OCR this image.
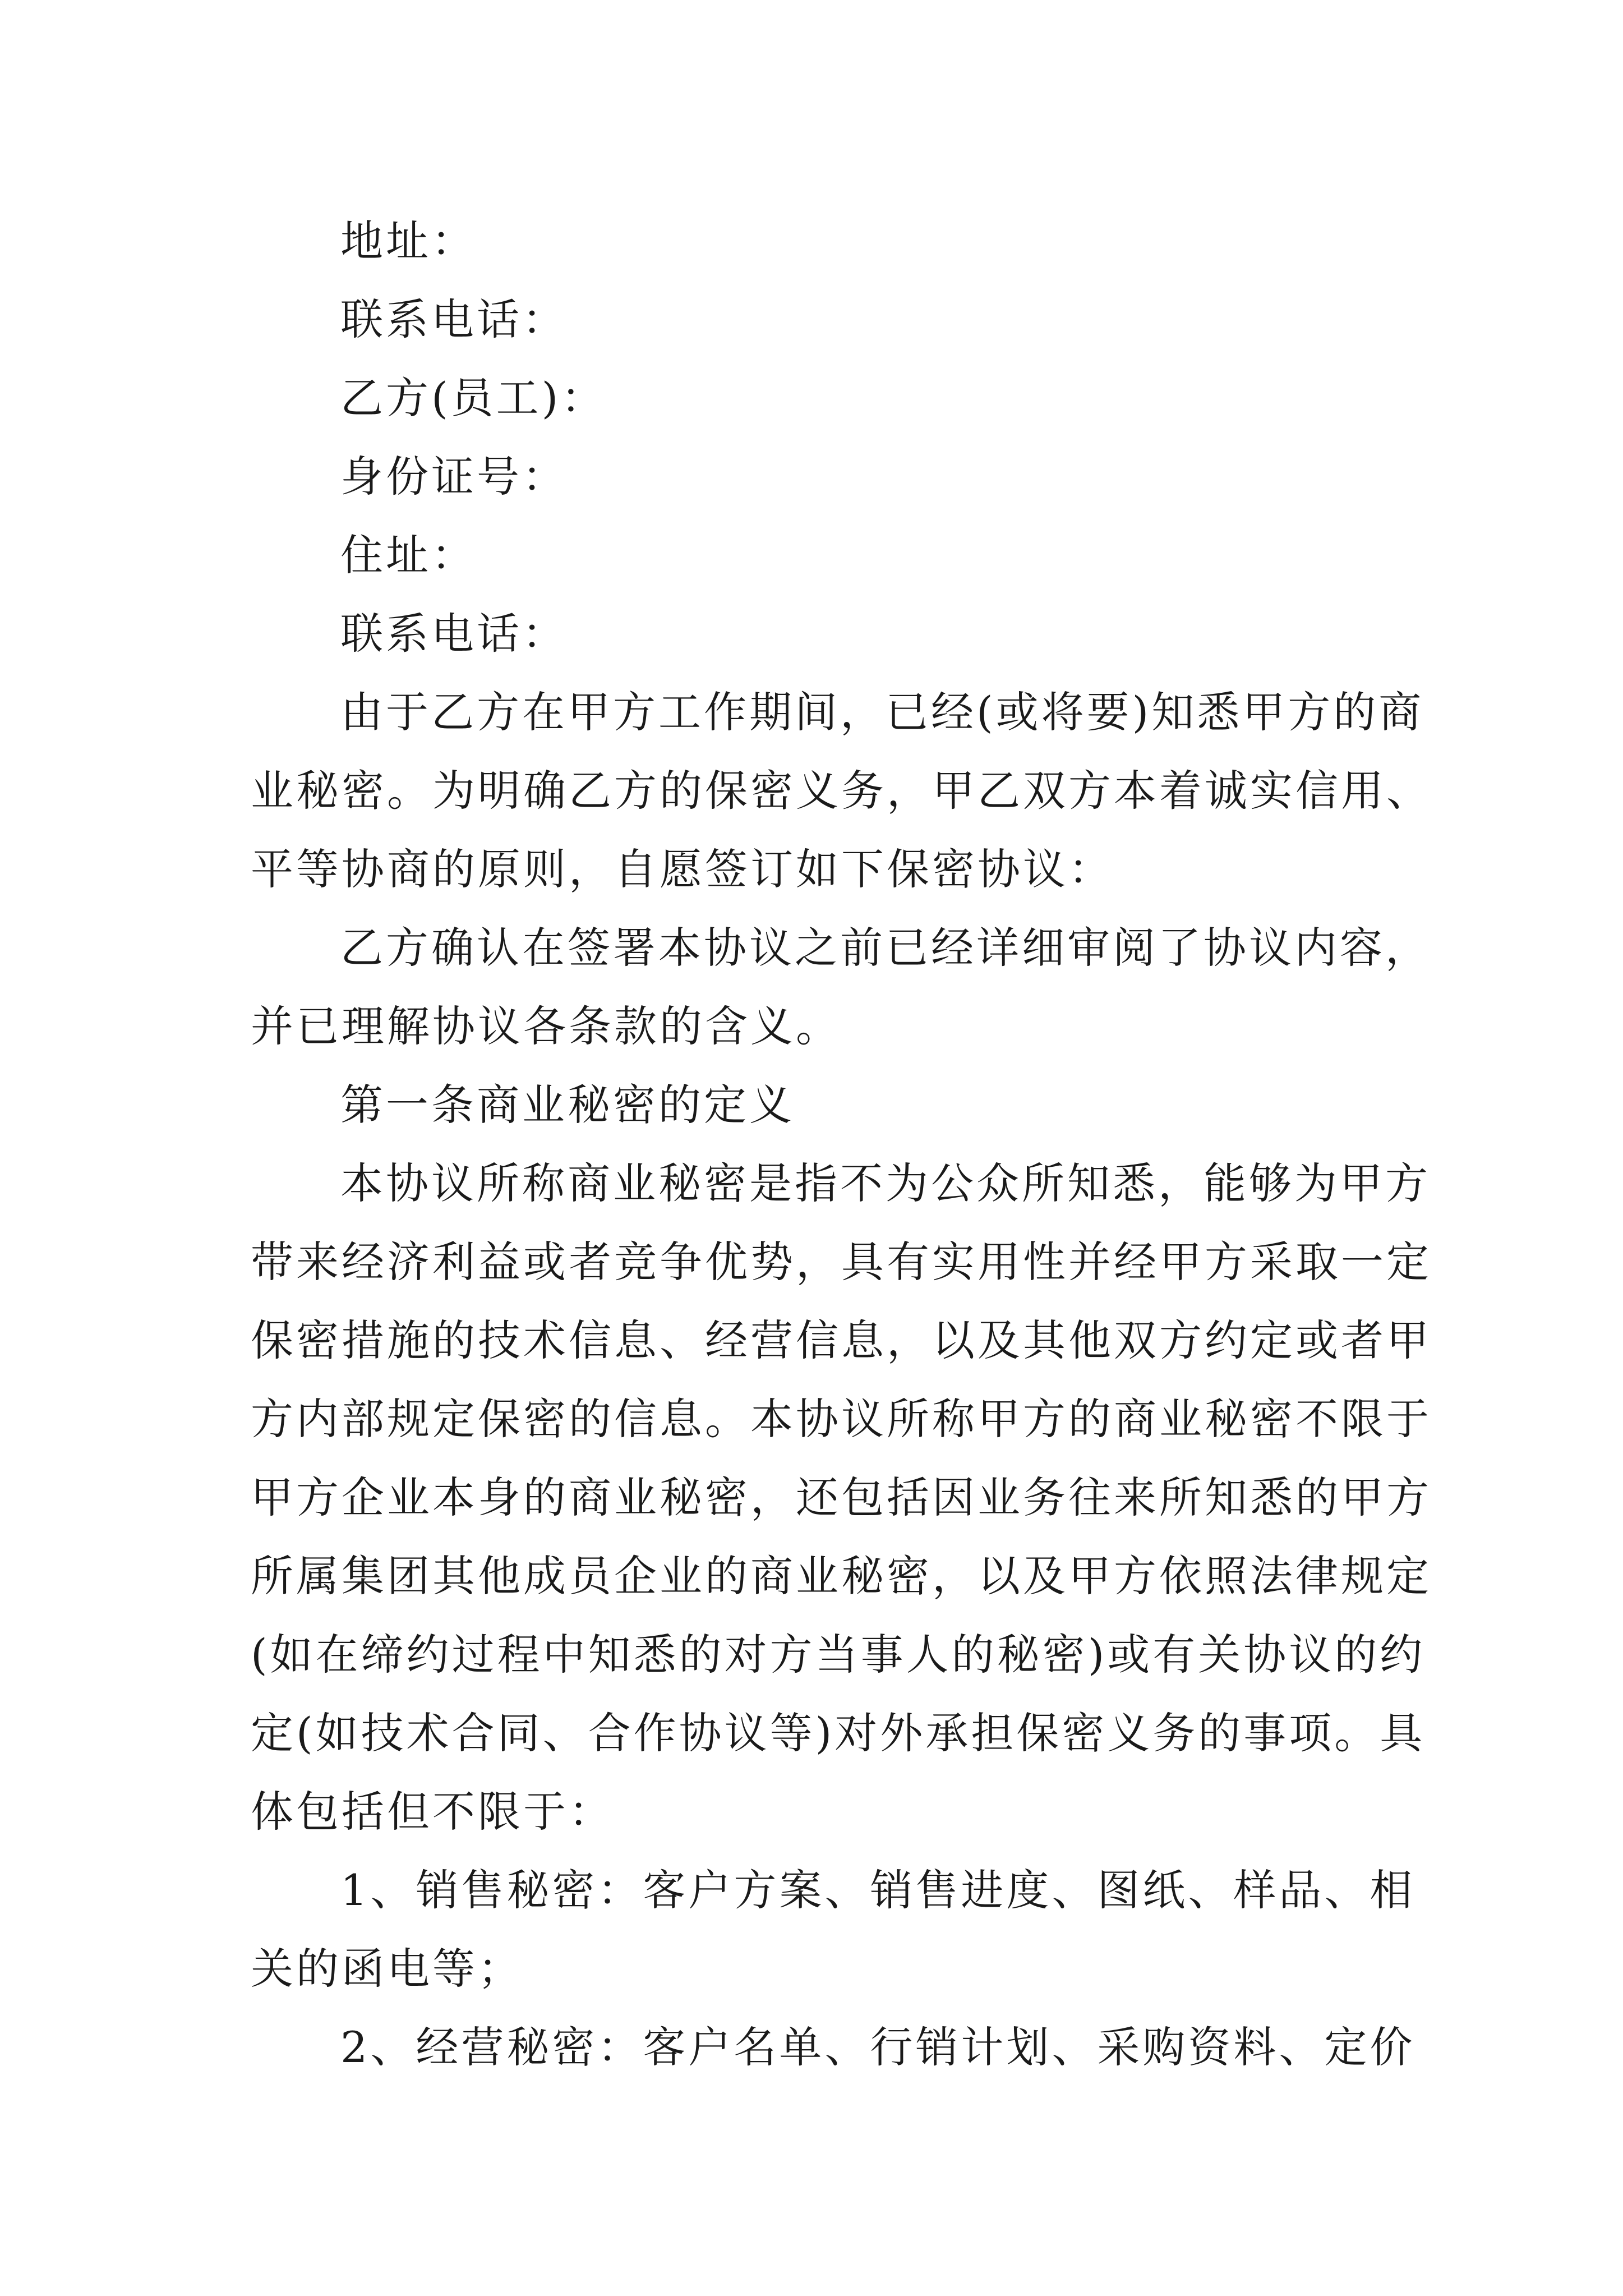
地址：
联系电话：
乙方(员工)：
身份证号：
住址：
联系电话：
由于乙方在甲方工作期间，已经(或将要)知悉甲方的商
业秘密。为明确乙方的保密义务，甲乙双方本着诚实信用、
平等协商的原则，自愿签订如下保密协议：
乙方确认在签署本协议之前已经详细审阅了协议内容，
并已理解协议各条款的含义。
第一条商业秘密的定义
本协议所称商业秘密是指不为公众所知悉，能够为甲方
带来经济利益或者竞争优势，具有实用性并经甲方采取一定
保密措施的技术信息、经营信息，以及其他双方约定或者甲
方内部规定保密的信息。本协议所称甲方的商业秘密不限于
甲方企业本身的商业秘密，还包括因业务往来所知悉的甲方
所属集团其他成员企业的商业秘密，以及甲方依照法律规定
(如在缔约过程中知悉的对方当事人的秘密)或有关协议的约
定(如技术合同、合作协议等)对外承担保密义务的事项。具
体包括但不限于：
1、销售秘密：客户方案、销售进度、图纸、样品、相
关的函电等；
2、经营秘密：客户名单、行销计划、采购资料、定价
